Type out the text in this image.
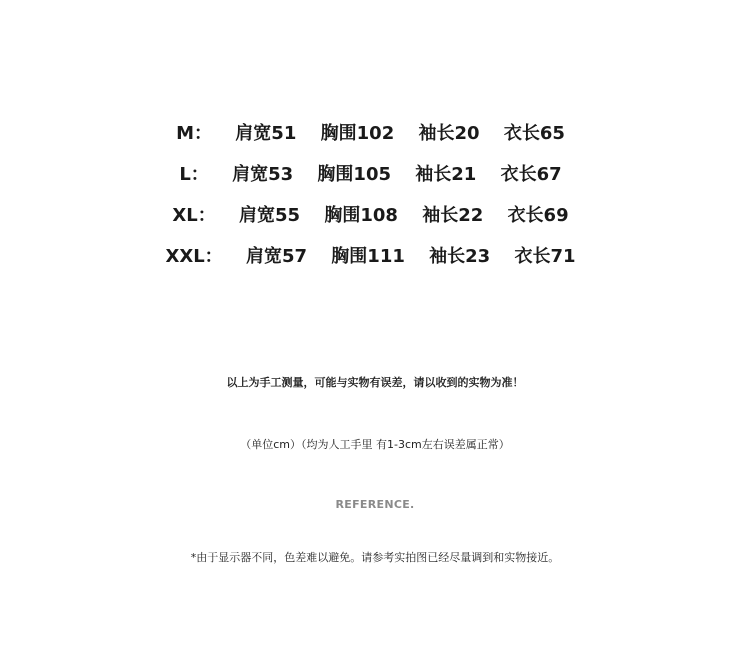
M： 肩宽51 胸围102 袖长20 衣长65
L： 肩宽53 胸围105 袖长21 衣长67
XL： 肩宽55 胸围108 袖长22 衣长69
XXL： 肩宽57 胸围111 袖长23 衣长71
以上为手工测量，可能与实物有误差，请以收到的实物为准！
（单位cm）（均为人工手里 有1-3cm左右误差属正常）
REFERENCE.
*由于显示器不同，色差难以避免。请参考实拍图已经尽量调到和实物接近。
